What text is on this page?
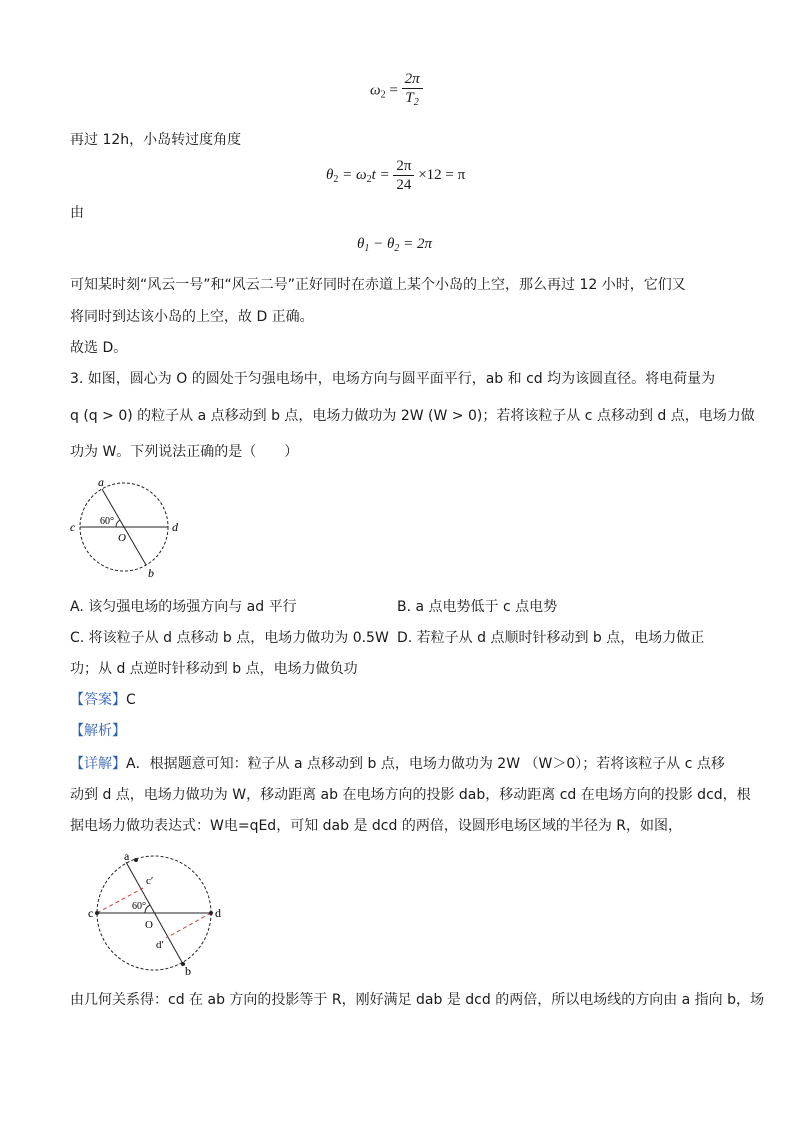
$\omega_2 = \frac{2\pi}{T_2}$
再过 12h，小岛转过度角度
$\theta_2 = \omega_2t = \frac{2\pi}{24} \times 12 = \pi$
由
$\theta_1 - \theta_2 = 2\pi$
可知某时刻“风云一号”和“风云二号”正好同时在赤道上某个小岛的上空，那么再过 12 小时，它们又
将同时到达该小岛的上空，故 D 正确。
故选 D。
3. 如图，圆心为 O 的圆处于匀强电场中，电场方向与圆平面平行，ab 和 cd 均为该圆直径。将电荷量为
q (q > 0) 的粒子从 a 点移动到 b 点，电场力做功为 2W (W > 0)；若将该粒子从 c 点移动到 d 点，电场力做
功为 W。下列说法正确的是（　　）
a
b
c	d
O
60°
A. 该匀强电场的场强方向与 ad 平行	B. a 点电势低于 c 点电势
C. 将该粒子从 d 点移动 b 点，电场力做功为 0.5W D. 若粒子从 d 点顺时针移动到 b 点，电场力做正
功；从 d 点逆时针移动到 b 点，电场力做负功
【答案】C
【解析】
【详解】A．根据题意可知：粒子从 a 点移动到 b 点，电场力做功为 2W （W＞0）；若将该粒子从 c 点移
动到 d 点，电场力做功为 W，移动距离 ab 在电场方向的投影 dab，移动距离 cd 在电场方向的投影 dcd，根
据电场力做功表达式：W电=qEd，可知 dab 是 dcd 的两倍，设圆形电场区域的半径为 R，如图，
a
b
c	d
O
60°
c′
d′
由几何关系得：cd 在 ab 方向的投影等于 R，刚好满足 dab 是 dcd 的两倍，所以电场线的方向由 a 指向 b，场
